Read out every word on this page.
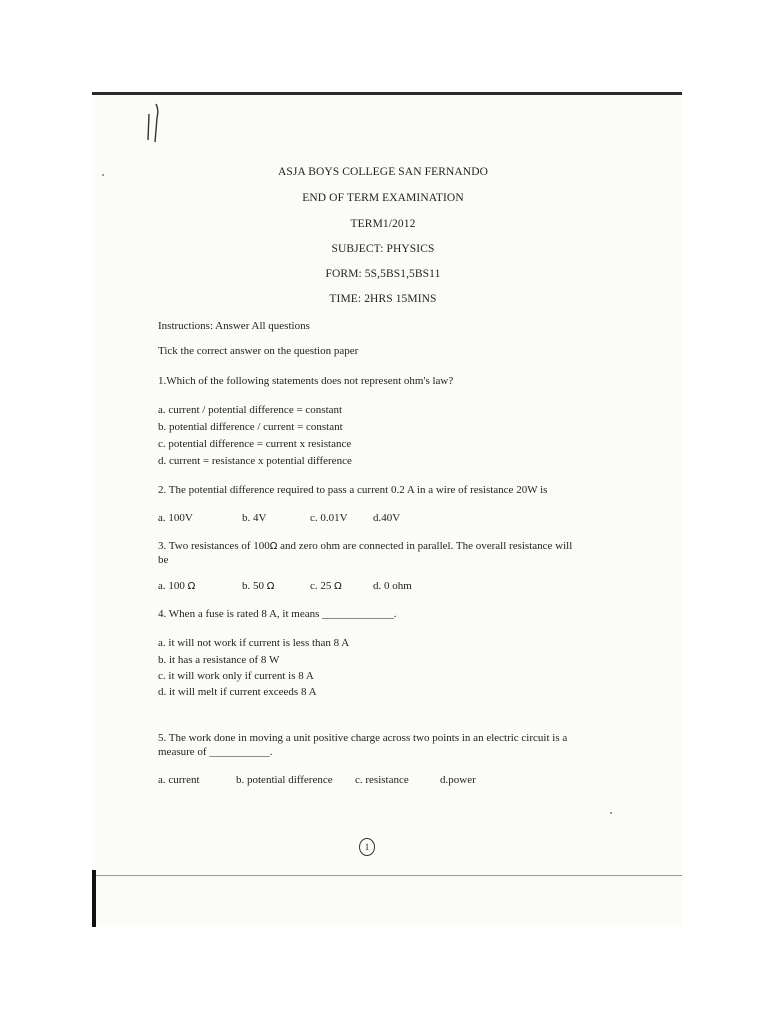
ASJA BOYS COLLEGE SAN FERNANDO
END OF TERM EXAMINATION
TERM1/2012
SUBJECT: PHYSICS
FORM: 5S,5BS1,5BS11
TIME: 2HRS 15MINS
Instructions: Answer All questions
Tick the correct answer on the question paper
1.Which of the following statements does not represent ohm's law?
a. current / potential difference = constant
b. potential difference / current = constant
c. potential difference = current x resistance
d. current = resistance x potential difference
2. The potential difference required to pass a current 0.2 A in a wire of resistance 20W is
a. 100V	b. 4V	c. 0.01V d.40V
3. Two resistances of 100Ω and zero ohm are connected in parallel. The overall resistance will
be
a. 100 Ω	b. 50 Ω	c. 25 Ω	d. 0 ohm
4. When a fuse is rated 8 A, it means _____________.
a. it will not work if current is less than 8 A
b. it has a resistance of 8 W
c. it will work only if current is 8 A
d. it will melt if current exceeds 8 A
5. The work done in moving a unit positive charge across two points in an electric circuit is a
measure of ___________.
a. current	b. potential difference c. resistance	d.power
1
